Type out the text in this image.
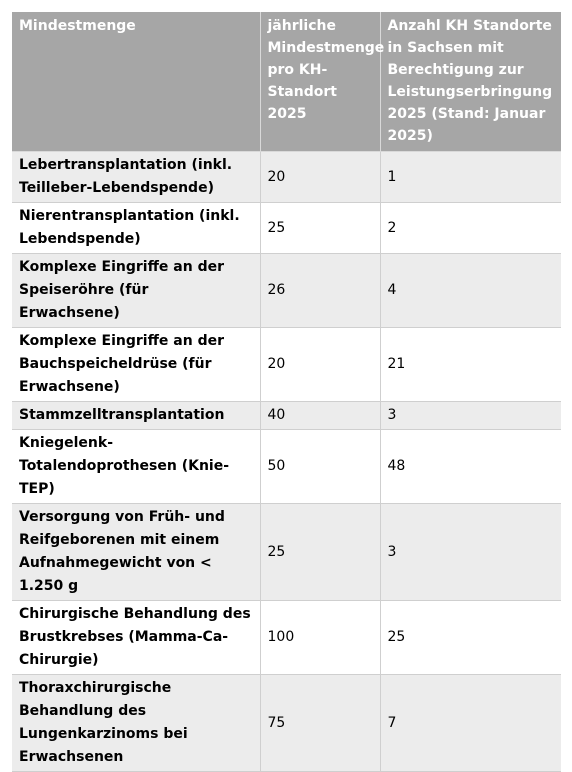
Mindestmenge	jährliche Mindestmenge pro KH-Standort 2025	Anzahl KH Standorte in Sachsen mit Berechtigung zur Leistungserbringung 2025 (Stand: Januar 2025)
Lebertransplantation (inkl. Teilleber-Lebendspende)	20	1
Nierentransplantation (inkl. Lebendspende)	25	2
Komplexe Eingriffe an der Speiseröhre (für Erwachsene)	26	4
Komplexe Eingriffe an der Bauchspeicheldrüse (für Erwachsene)	20	21
Stammzelltransplantation	40	3
Kniegelenk-Totalendoprothesen (Knie-TEP)	50	48
Versorgung von Früh- und Reifgeborenen mit einem Aufnahmegewicht von < 1.250 g	25	3
Chirurgische Behandlung des Brustkrebses (Mamma-Ca-Chirurgie)	100	25
Thoraxchirurgische Behandlung des Lungenkarzinoms bei Erwachsenen	75	7
